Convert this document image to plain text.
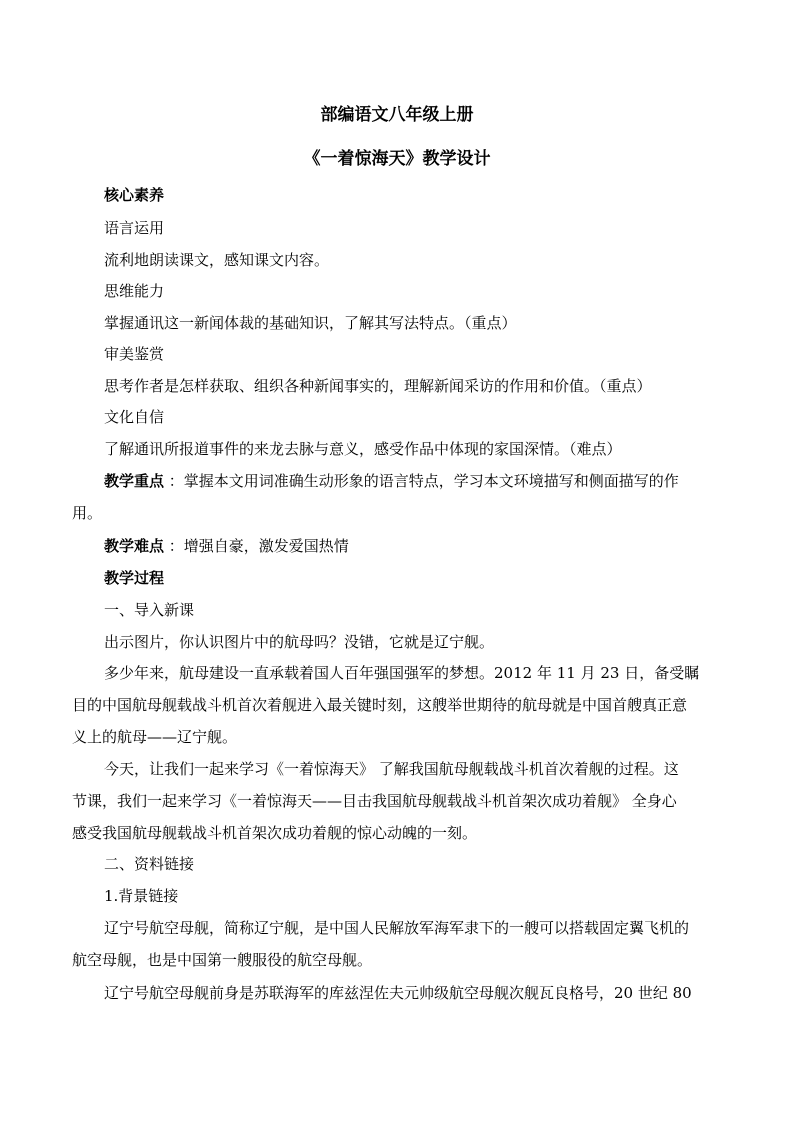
部编语文八年级上册
《一着惊海天》教学设计
核心素养
语言运用
流利地朗读课文，感知课文内容。
思维能力
掌握通讯这一新闻体裁的基础知识，了解其写法特点。（重点）
审美鉴赏
思考作者是怎样获取、组织各种新闻事实的，理解新闻采访的作用和价值。（重点）
文化自信
了解通讯所报道事件的来龙去脉与意义，感受作品中体现的家国深情。（难点）
教学重点 ：掌握本文用词准确生动形象的语言特点，学习本文环境描写和侧面描写的作
用。
教学难点 ：增强自豪，激发爱国热情
教学过程
一、导入新课
出示图片，你认识图片中的航母吗？没错，它就是辽宁舰。
多少年来，航母建设一直承载着国人百年强国强军的梦想。2012 年 11 月 23 日，备受瞩
目的中国航母舰载战斗机首次着舰进入最关键时刻，这艘举世期待的航母就是中国首艘真正意
义上的航母——辽宁舰。
今天，让我们一起来学习《一着惊海天》 了解我国航母舰载战斗机首次着舰的过程。这
节课，我们一起来学习《一着惊海天——目击我国航母舰载战斗机首架次成功着舰》 全身心
感受我国航母舰载战斗机首架次成功着舰的惊心动魄的一刻。
二、资料链接
1.背景链接
辽宁号航空母舰，简称辽宁舰，是中国人民解放军海军隶下的一艘可以搭载固定翼飞机的
航空母舰，也是中国第一艘服役的航空母舰。
辽宁号航空母舰前身是苏联海军的库兹涅佐夫元帅级航空母舰次舰瓦良格号，20 世纪 80
